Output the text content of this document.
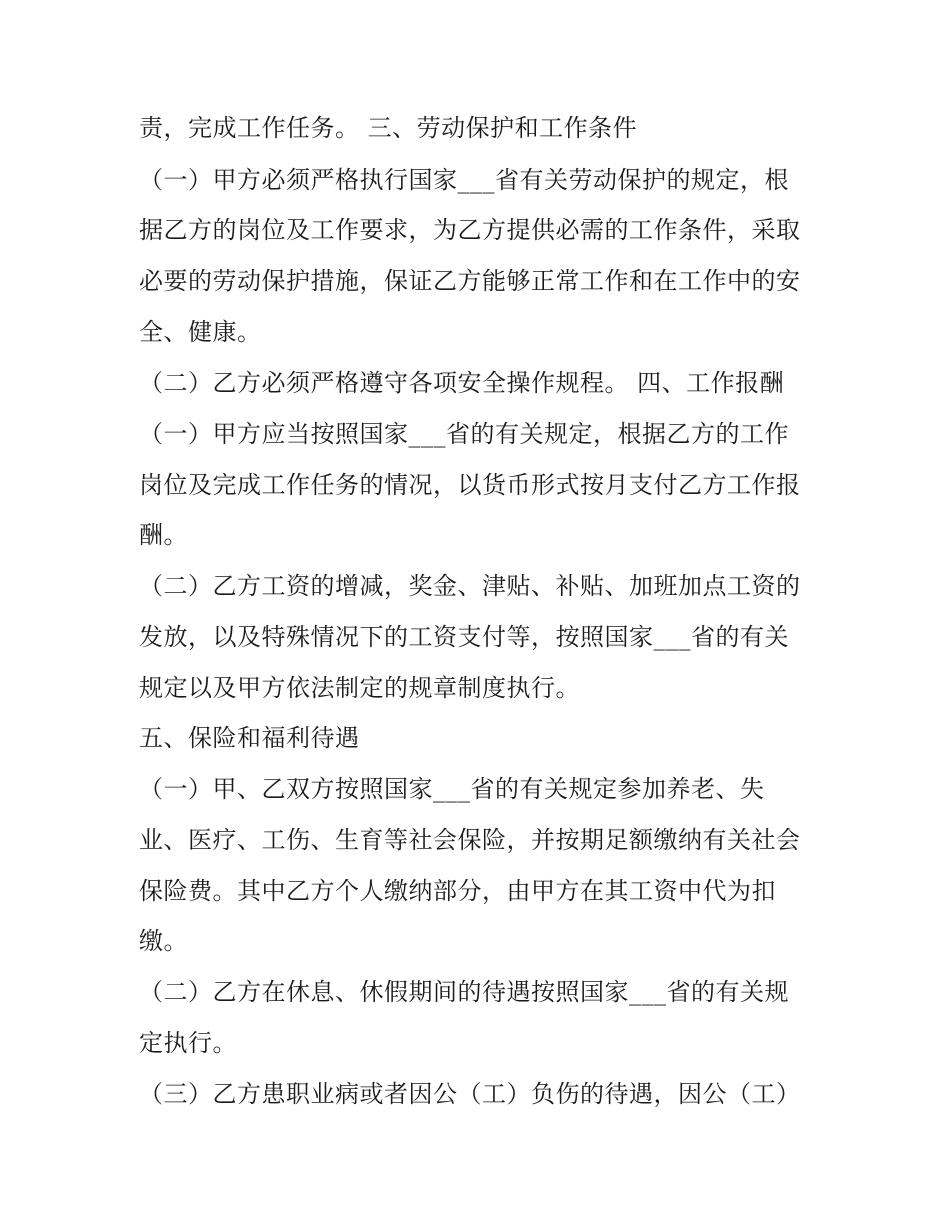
责，完成工作任务。 三、劳动保护和工作条件
（一）甲方必须严格执行国家___省有关劳动保护的规定，根
据乙方的岗位及工作要求，为乙方提供必需的工作条件，采取
必要的劳动保护措施，保证乙方能够正常工作和在工作中的安
全、健康。
（二）乙方必须严格遵守各项安全操作规程。 四、工作报酬
（一）甲方应当按照国家___省的有关规定，根据乙方的工作
岗位及完成工作任务的情况，以货币形式按月支付乙方工作报
酬。
（二）乙方工资的增减，奖金、津贴、补贴、加班加点工资的
发放，以及特殊情况下的工资支付等，按照国家___省的有关
规定以及甲方依法制定的规章制度执行。
五、保险和福利待遇
（一）甲、乙双方按照国家___省的有关规定参加养老、失
业、医疗、工伤、生育等社会保险，并按期足额缴纳有关社会
保险费。其中乙方个人缴纳部分，由甲方在其工资中代为扣
缴。
（二）乙方在休息、休假期间的待遇按照国家___省的有关规
定执行。
（三）乙方患职业病或者因公（工）负伤的待遇，因公（工）
